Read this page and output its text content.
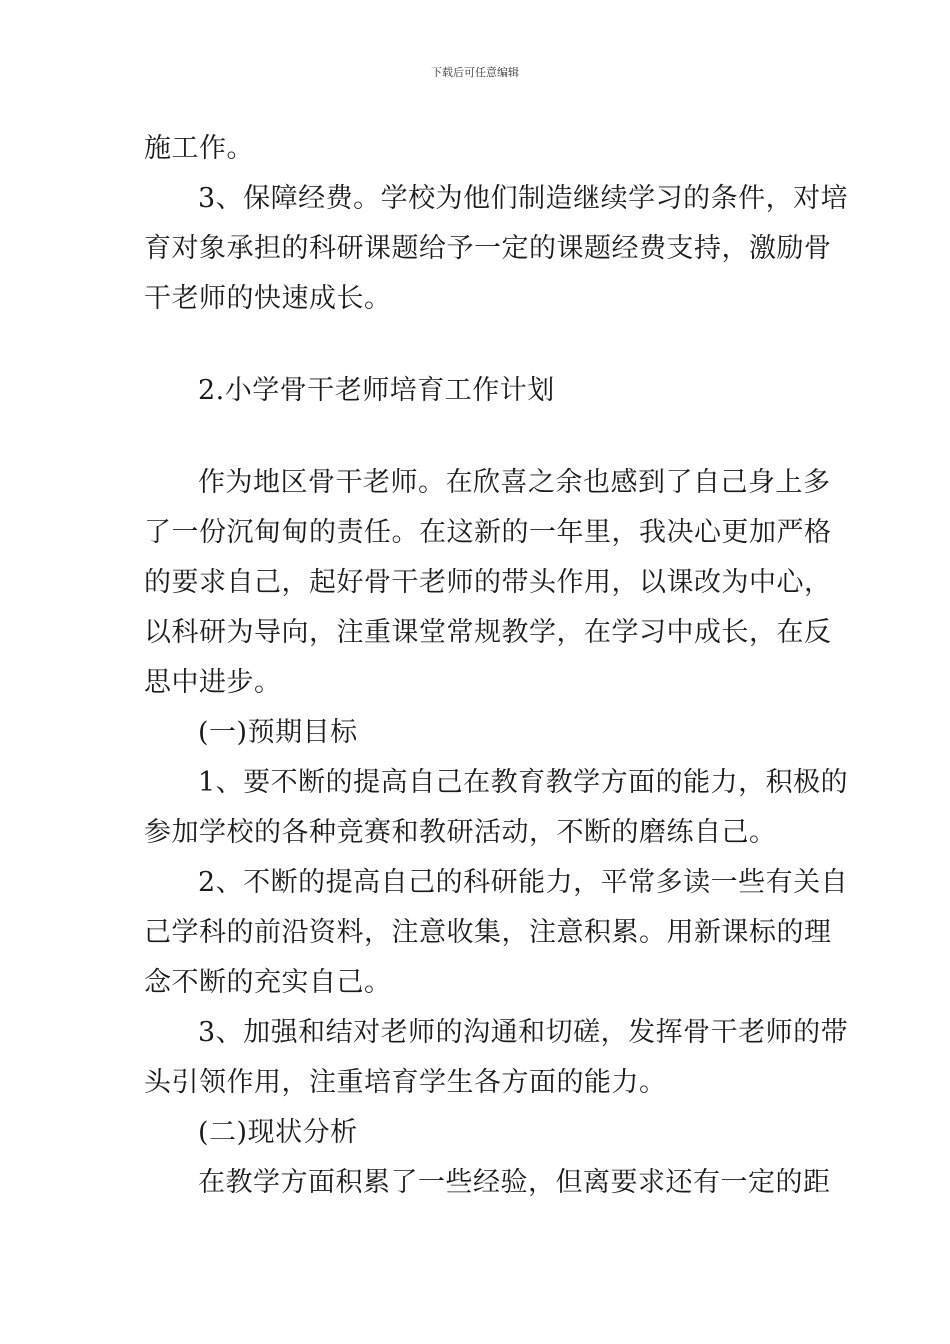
下载后可任意编辑
施工作。
3、保障经费。学校为他们制造继续学习的条件，对培
育对象承担的科研课题给予一定的课题经费支持，激励骨
干老师的快速成长。
2.小学骨干老师培育工作计划
作为地区骨干老师。在欣喜之余也感到了自己身上多
了一份沉甸甸的责任。在这新的一年里，我决心更加严格
的要求自己，起好骨干老师的带头作用，以课改为中心，
以科研为导向，注重课堂常规教学，在学习中成长，在反
思中进步。
(一)预期目标
1、要不断的提高自己在教育教学方面的能力，积极的
参加学校的各种竞赛和教研活动，不断的磨练自己。
2、不断的提高自己的科研能力，平常多读一些有关自
己学科的前沿资料，注意收集，注意积累。用新课标的理
念不断的充实自己。
3、加强和结对老师的沟通和切磋，发挥骨干老师的带
头引领作用，注重培育学生各方面的能力。
(二)现状分析
在教学方面积累了一些经验，但离要求还有一定的距
